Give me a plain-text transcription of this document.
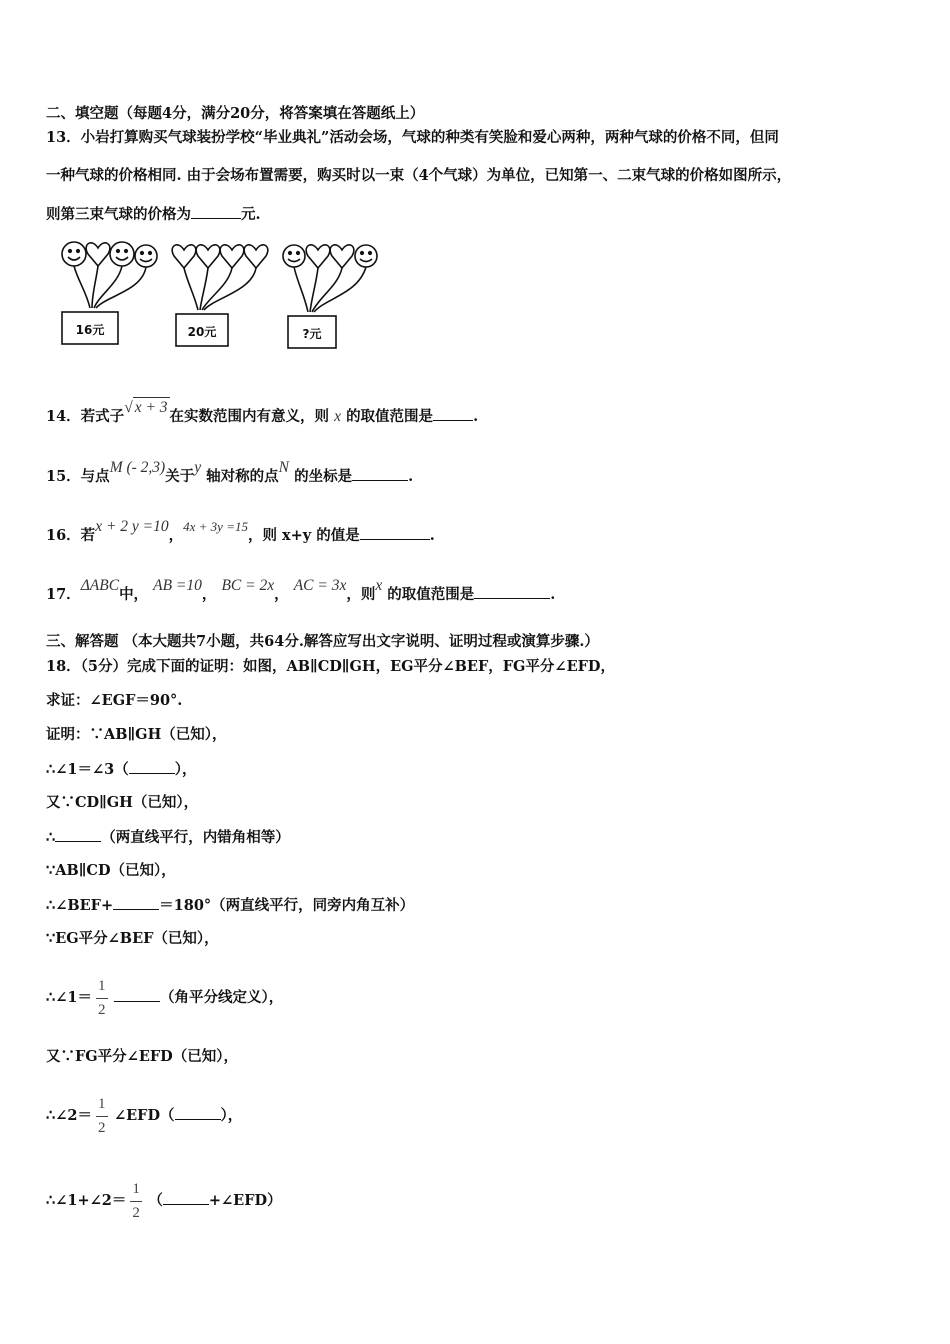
二、填空题（每题4分，满分20分，将答案填在答题纸上）
13．小岩打算购买气球装扮学校“毕业典礼”活动会场，气球的种类有笑脸和爱心两种，两种气球的价格不同，但同
一种气球的价格相同. 由于会场布置需要，购买时以一束（4个气球）为单位，已知第一、二束气球的价格如图所示，
则第三束气球的价格为	元.
16元	20元	?元
14．若式子√ x + 3在实数范围内有意义，则 x 的取值范围是	.
15．与点M (- 2,3)关于y 轴对称的点N 的坐标是	.
16．若x + 2 y =10，4x + 3y =15，则 x+y 的值是	.
17．ΔABC中， AB =10， BC = 2x， AC = 3x，则x 的取值范围是	.
三、解答题 （本大题共7小题，共64分.解答应写出文字说明、证明过程或演算步骤.）
18．（5分）完成下面的证明：如图，AB∥CD∥GH，EG平分∠BEF，FG平分∠EFD，
求证：∠EGF＝90°.
证明：∵AB∥GH（已知），
∴∠1＝∠3（	），
又∵CD∥GH（已知），
∴	（两直线平行，内错角相等）
∵AB∥CD（已知），
∴∠BEF+	＝180°（两直线平行，同旁内角互补）
∵EG平分∠BEF（已知），
∴∠1＝ $\frac{1}{2}$	（角平分线定义），
又∵FG平分∠EFD（已知），
∴∠2＝ $\frac{1}{2}$ ∠EFD（	），
∴∠1+∠2＝ $\frac{1}{2}$ （	+∠EFD）
